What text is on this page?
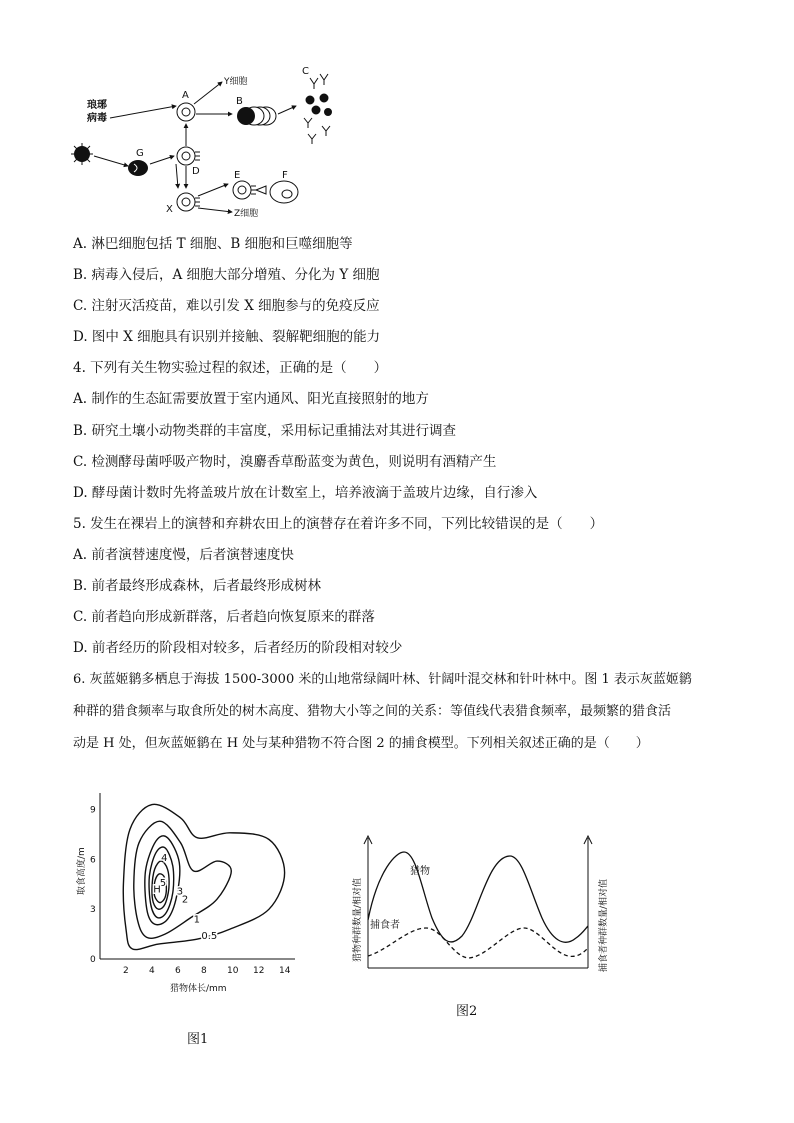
琅琊
病毒
G
A
Y细胞
B
C
D
X	Z细胞
E	F
A. 淋巴细胞包括 T 细胞、B 细胞和巨噬细胞等
B. 病毒入侵后，A 细胞大部分增殖、分化为 Y 细胞
C. 注射灭活疫苗，难以引发 X 细胞参与的免疫反应
D. 图中 X 细胞具有识别并接触、裂解靶细胞的能力
4. 下列有关生物实验过程的叙述，正确的是（　　）
A. 制作的生态缸需要放置于室内通风、阳光直接照射的地方
B. 研究土壤小动物类群的丰富度，采用标记重捕法对其进行调查
C. 检测酵母菌呼吸产物时，溴麝香草酚蓝变为黄色，则说明有酒精产生
D. 酵母菌计数时先将盖玻片放在计数室上，培养液滴于盖玻片边缘，自行渗入
5. 发生在裸岩上的演替和弃耕农田上的演替存在着许多不同，下列比较错误的是（　　）
A. 前者演替速度慢，后者演替速度快
B. 前者最终形成森林，后者最终形成树林
C. 前者趋向形成新群落，后者趋向恢复原来的群落
D. 前者经历的阶段相对较多，后者经历的阶段相对较少
6. 灰蓝姬鹟多栖息于海拔 1500-3000 米的山地常绿阔叶林、针阔叶混交林和针叶林中。图 1 表示灰蓝姬鹟
种群的猎食频率与取食所处的树木高度、猎物大小等之间的关系：等值线代表猎食频率，最频繁的猎食活
动是 H 处，但灰蓝姬鹟在 H 处与某种猎物不符合图 2 的捕食模型。下列相关叙述正确的是（　　）
取食高度/m
猎物体长/mm
2 4 6 8 10 12 14
0
3
6
9
0.5
1
2
3
4
5
H
图1
猎物种群数量/相对值	捕食者种群数量/相对值
猎物
捕食者
图2
